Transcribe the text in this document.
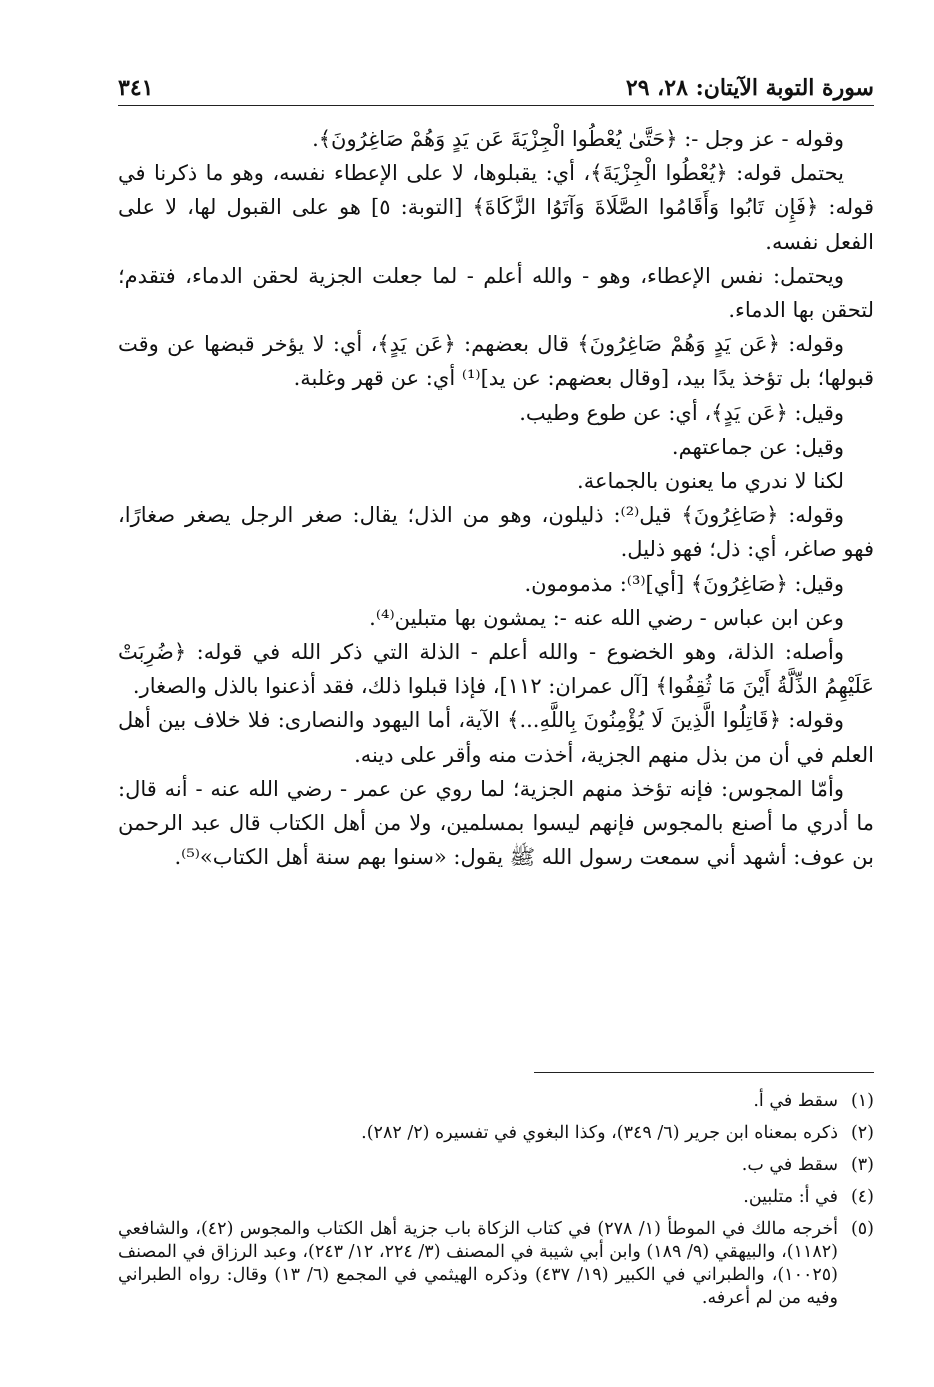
٣٤١	سورة التوبة الآيتان: ٢٨، ٢٩

وقوله - عز وجل -: ﴿حَتَّىٰ يُعْطُوا الْجِزْيَةَ عَن يَدٍ وَهُمْ صَاغِرُونَ﴾.

يحتمل قوله: ﴿يُعْطُوا الْجِزْيَةَ﴾، أي: يقبلوها، لا على الإعطاء نفسه، وهو ما ذكرنا في قوله: ﴿فَإِن تَابُوا وَأَقَامُوا الصَّلَاةَ وَآتَوُا الزَّكَاةَ﴾ [التوبة: ٥] هو على القبول لها، لا على الفعل نفسه.

ويحتمل: نفس الإعطاء، وهو - والله أعلم - لما جعلت الجزية لحقن الدماء، فتقدم؛ لتحقن بها الدماء.

وقوله: ﴿عَن يَدٍ وَهُمْ صَاغِرُونَ﴾ قال بعضهم: ﴿عَن يَدٍ﴾، أي: لا يؤخر قبضها عن وقت قبولها؛ بل تؤخذ يدًا بيد، [وقال بعضهم: عن يد]⁽¹⁾ أي: عن قهر وغلبة.

وقيل: ﴿عَن يَدٍ﴾، أي: عن طوع وطيب.

وقيل: عن جماعتهم.

لكنا لا ندري ما يعنون بالجماعة.

وقوله: ﴿صَاغِرُونَ﴾ قيل⁽²⁾: ذليلون، وهو من الذل؛ يقال: صغر الرجل يصغر صغارًا، فهو صاغر، أي: ذل؛ فهو ذليل.

وقيل: ﴿صَاغِرُونَ﴾ [أي]⁽³⁾: مذمومون.

وعن ابن عباس - رضي الله عنه -: يمشون بها متبلين⁽⁴⁾.

وأصله: الذلة، وهو الخضوع - والله أعلم - الذلة التي ذكر الله في قوله: ﴿ضُرِبَتْ عَلَيْهِمُ الذِّلَّةُ أَيْنَ مَا ثُقِفُوا﴾ [آل عمران: ١١٢]، فإذا قبلوا ذلك، فقد أذعنوا بالذل والصغار.

وقوله: ﴿قَاتِلُوا الَّذِينَ لَا يُؤْمِنُونَ بِاللَّهِ...﴾ الآية، أما اليهود والنصارى: فلا خلاف بين أهل العلم في أن من بذل منهم الجزية، أخذت منه وأقر على دينه.

وأمّا المجوس: فإنه تؤخذ منهم الجزية؛ لما روي عن عمر - رضي الله عنه - أنه قال: ما أدري ما أصنع بالمجوس فإنهم ليسوا بمسلمين، ولا من أهل الكتاب قال عبد الرحمن بن عوف: أشهد أني سمعت رسول الله ﷺ يقول: «سنوا بهم سنة أهل الكتاب»⁽⁵⁾.

(١)
سقط في أ.
(٢)
ذكره بمعناه ابن جرير (٦/ ٣٤٩)، وكذا البغوي في تفسيره (٢/ ٢٨٢).
(٣)
سقط في ب.
(٤)
في أ: متلبين.
(٥)
أخرجه مالك في الموطأ (١/ ٢٧٨) في كتاب الزكاة باب جزية أهل الكتاب والمجوس (٤٢)، والشافعي (١١٨٢)، والبيهقي (٩/ ١٨٩) وابن أبي شيبة في المصنف (٣/ ٢٢٤، ١٢/ ٢٤٣)، وعبد الرزاق في المصنف (١٠٠٢٥)، والطبراني في الكبير (١٩/ ٤٣٧) وذكره الهيثمي في المجمع (٦/ ١٣) وقال: رواه الطبراني وفيه من لم أعرفه.
